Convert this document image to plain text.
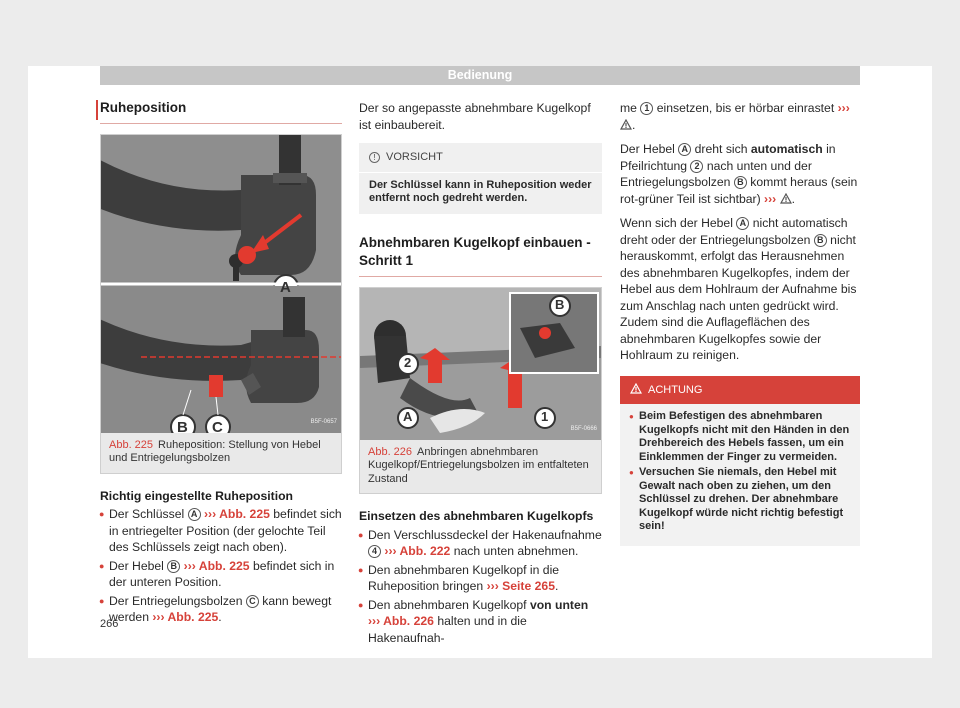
Bedienung
Ruheposition
A
B C	B5F-0657
Abb. 225 Ruheposition: Stellung von Hebel und Entriegelungsbolzen
Richtig eingestellte Ruheposition
● Der Schlüssel A ››› Abb. 225 befindet sich in entriegelter Position (der gelochte Teil des Schlüssels zeigt nach oben).
● Der Hebel B ››› Abb. 225 befindet sich in der unteren Position.
● Der Entriegelungsbolzen C kann bewegt werden ››› Abb. 225.
Der so angepasste abnehmbare Kugelkopf ist einbaubereit.
! VORSICHT
Der Schlüssel kann in Ruheposition weder entfernt noch gedreht werden.
Abnehmbaren Kugelkopf einbauen - Schritt 1
B
2
A	1
B5F-0666
Abb. 226 Anbringen abnehmbaren Kugelkopf/Entriegelungsbolzen im entfalteten Zustand
Einsetzen des abnehmbaren Kugelkopfs
● Den Verschlussdeckel der Hakenaufnahme 4 ››› Abb. 222 nach unten abnehmen.
● Den abnehmbaren Kugelkopf in die Ruheposition bringen ››› Seite 265.
● Den abnehmbaren Kugelkopf von unten ››› Abb. 226 halten und in die Hakenaufnah-
me 1 einsetzen, bis er hörbar einrastet ››› .
Der Hebel A dreht sich automatisch in Pfeilrichtung 2 nach unten und der Entriegelungsbolzen B kommt heraus (sein rot-grüner Teil ist sichtbar) ››› .
Wenn sich der Hebel A nicht automatisch dreht oder der Entriegelungsbolzen B nicht herauskommt, erfolgt das Herausnehmen des abnehmbaren Kugelkopfes, indem der Hebel aus dem Hohlraum der Aufnahme bis zum Anschlag nach unten gedrückt wird. Zudem sind die Auflageflächen des abnehmbaren Kugelkopfes sowie der Hohlraum zu reinigen.
ACHTUNG
● Beim Befestigen des abnehmbaren Kugelkopfs nicht mit den Händen in den Drehbereich des Hebels fassen, um ein Einklemmen der Finger zu vermeiden.
● Versuchen Sie niemals, den Hebel mit Gewalt nach oben zu ziehen, um den Schlüssel zu drehen. Der abnehmbare Kugelkopf würde nicht richtig befestigt sein!
266
